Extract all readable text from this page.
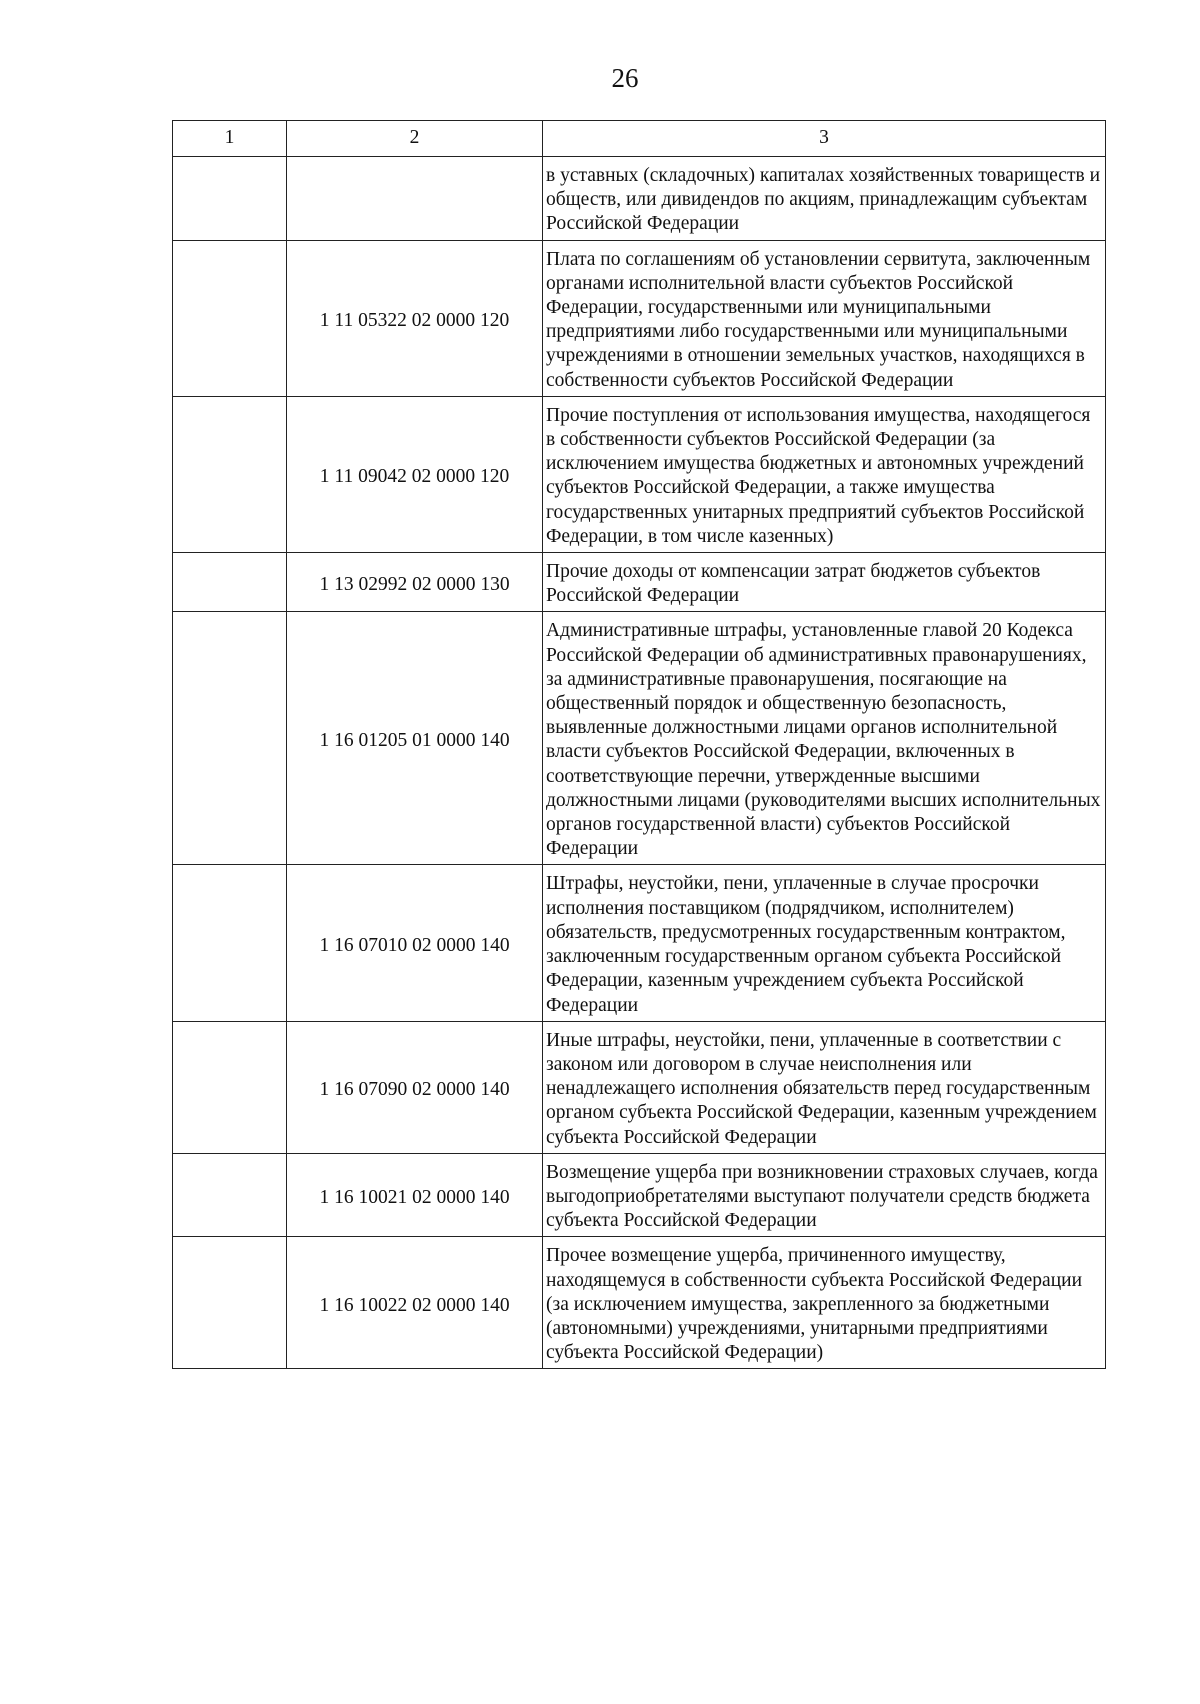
26
1	2	3
		в уставных (складочных) капиталах хозяйственных товариществ и обществ, или дивидендов по акциям, принадлежащим субъектам Российской Федерации
	1 11 05322 02 0000 120	Плата по соглашениям об установлении сервитута, заключенным органами исполнительной власти субъектов Российской Федерации, государственными или муниципальными предприятиями либо государственными или муниципальными учреждениями в отношении земельных участков, находящихся в собственности субъектов Российской Федерации
	1 11 09042 02 0000 120	Прочие поступления от использования имущества, находящегося в собственности субъектов Российской Федерации (за исключением имущества бюджетных и автономных учреждений субъектов Российской Федерации, а также имущества государственных унитарных предприятий субъектов Российской Федерации, в том числе казенных)
	1 13 02992 02 0000 130	Прочие доходы от компенсации затрат бюджетов субъектов Российской Федерации
	1 16 01205 01 0000 140	Административные штрафы, установленные главой 20 Кодекса Российской Федерации об административных правонарушениях, за административные правонарушения, посягающие на общественный порядок и общественную безопасность, выявленные должностными лицами органов исполнительной власти субъектов Российской Федерации, включенных в соответствующие перечни, утвержденные высшими должностными лицами (руководителями высших исполнительных органов государственной власти) субъектов Российской Федерации
	1 16 07010 02 0000 140	Штрафы, неустойки, пени, уплаченные в случае просрочки исполнения поставщиком (подрядчиком, исполнителем) обязательств, предусмотренных государственным контрактом, заключенным государственным органом субъекта Российской Федерации, казенным учреждением субъекта Российской Федерации
	1 16 07090 02 0000 140	Иные штрафы, неустойки, пени, уплаченные в соответствии с законом или договором в случае неисполнения или ненадлежащего исполнения обязательств перед государственным органом субъекта Российской Федерации, казенным учреждением субъекта Российской Федерации
	1 16 10021 02 0000 140	Возмещение ущерба при возникновении страховых случаев, когда выгодоприобретателями выступают получатели средств бюджета субъекта Российской Федерации
	1 16 10022 02 0000 140	Прочее возмещение ущерба, причиненного имуществу, находящемуся в собственности субъекта Российской Федерации (за исключением имущества, закрепленного за бюджетными (автономными) учреждениями, унитарными предприятиями субъекта Российской Федерации)
